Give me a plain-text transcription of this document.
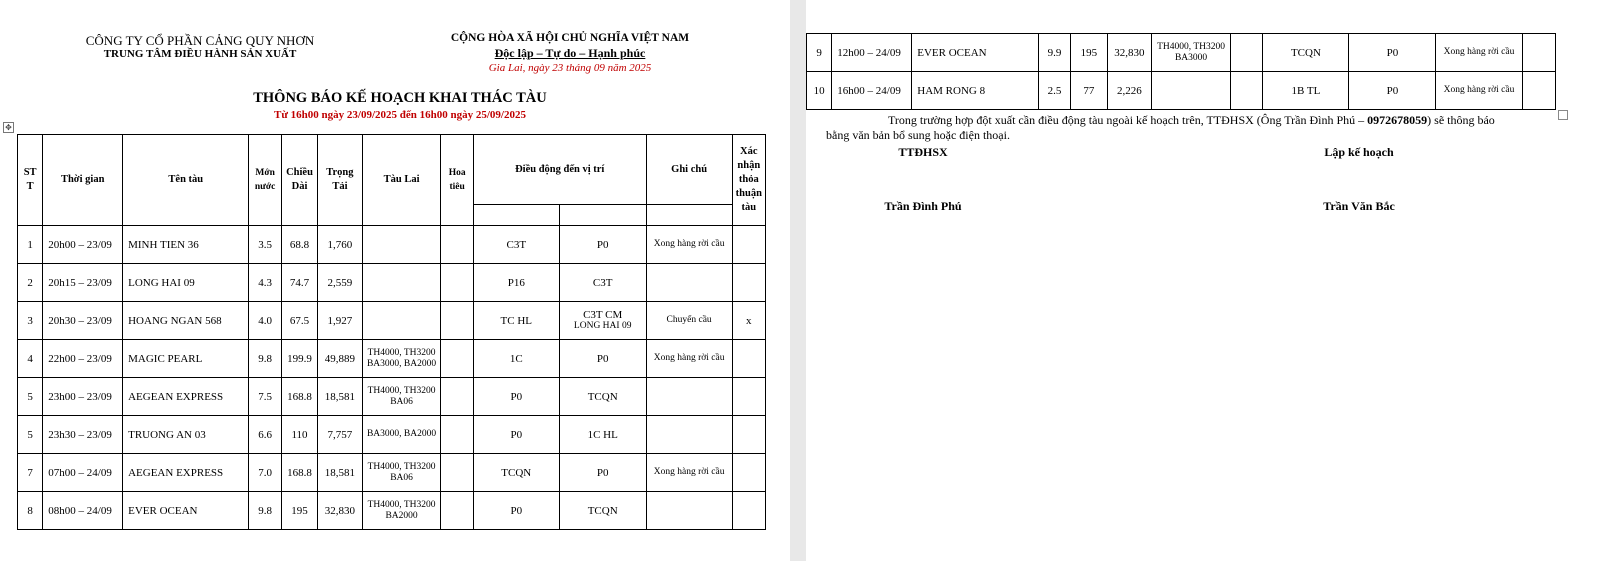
CÔNG TY CỔ PHẦN CẢNG QUY NHƠN
TRUNG TÂM ĐIỀU HÀNH SẢN XUẤT
CỘNG HÒA XÃ HỘI CHỦ NGHĨA VIỆT NAM
Độc lập – Tự do – Hạnh phúc
Gia Lai, ngày 23 tháng 09 năm 2025
THÔNG BÁO KẾ HOẠCH KHAI THÁC TÀU
Từ 16h00 ngày 23/09/2025 đến 16h00 ngày 25/09/2025
✥
ST T	Thời gian	Tên tàu	Mớn nước	Chiều Dài	Trọng Tải	Tàu Lai	Hoa tiêu	Điều động đến vị trí		Ghi chú	Xác nhận thỏa thuận tàu

1	20h00 – 23/09	MINH TIEN 36	3.5	68.8	1,760			C3T	P0	Xong hàng rời cầu	
2	20h15 – 23/09	LONG HAI 09	4.3	74.7	2,559			P16	C3T		
3	20h30 – 23/09	HOANG NGAN 568	4.0	67.5	1,927			TC HL	C3T CM
LONG HAI 09	Chuyển cầu	x
4	22h00 – 23/09	MAGIC PEARL	9.8	199.9	49,889	TH4000, TH3200 BA3000, BA2000		1C	P0	Xong hàng rời cầu	
5	23h00 – 23/09	AEGEAN EXPRESS	7.5	168.8	18,581	TH4000, TH3200 BA06		P0	TCQN		
5	23h30 – 23/09	TRUONG AN 03	6.6	110	7,757	BA3000, BA2000		P0	1C HL		
7	07h00 – 24/09	AEGEAN EXPRESS	7.0	168.8	18,581	TH4000, TH3200 BA06		TCQN	P0	Xong hàng rời cầu	
8	08h00 – 24/09	EVER OCEAN	9.8	195	32,830	TH4000, TH3200 BA2000		P0	TCQN		
9	12h00 – 24/09	EVER OCEAN	9.9	195	32,830	TH4000, TH3200 BA3000		TCQN	P0	Xong hàng rời cầu	
10	16h00 – 24/09	HAM RONG 8	2.5	77	2,226			1B TL	P0	Xong hàng rời cầu	
Trong trường hợp đột xuất cần điều động tàu ngoài kế hoạch trên, TTĐHSX (Ông Trần Đình Phú – 0972678059) sẽ thông báo bằng văn bản bổ sung hoặc điện thoại.
TTĐHSX	Lập kế hoạch
Trần Đình Phú	Trần Văn Bắc
